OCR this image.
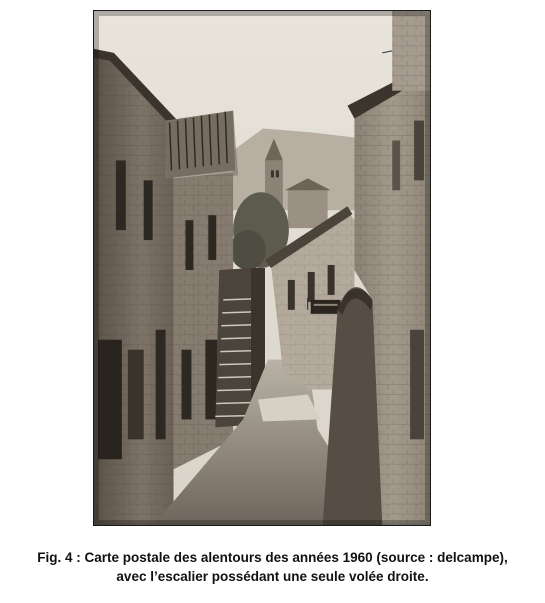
Fig. 4 : Carte postale des alentours des années 1960 (source : delcampe),
avec l’escalier possédant une seule volée droite.
